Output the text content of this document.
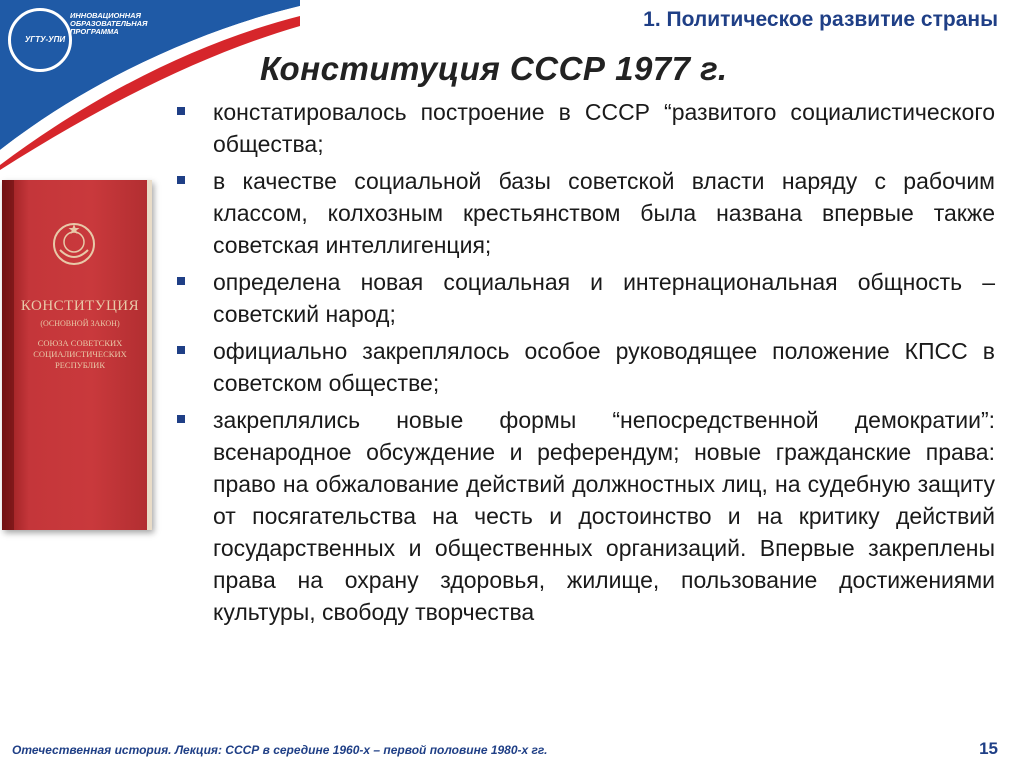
УГТУ-УПИ
ИННОВАЦИОННАЯ ОБРАЗОВАТЕЛЬНАЯ ПРОГРАММА
1. Политическое развитие страны
Конституция СССР 1977 г.
КОНСТИТУЦИЯ
(ОСНОВНОЙ ЗАКОН)
СОЮЗА СОВЕТСКИХ СОЦИАЛИСТИЧЕСКИХ РЕСПУБЛИК
констатировалось построение в СССР “развитого социалистического общества;
в качестве социальной базы советской власти наряду с рабочим классом, колхозным крестьянством была названа впервые также советская интеллигенция;
определена новая социальная и интернациональная общность – советский народ;
официально закреплялось особое руководящее положение КПСС в советском обществе;
закреплялись новые формы “непосредственной демократии”: всенародное обсуждение и референдум; новые гражданские права: право на обжалование действий должностных лиц, на судебную защиту от посягательства на честь и достоинство и на критику действий государственных и общественных организаций. Впервые закреплены права на охрану здоровья, жилище, пользование достижениями культуры, свободу творчества
Отечественная история. Лекция: СССР в середине 1960-х – первой половине 1980-х гг.	15
